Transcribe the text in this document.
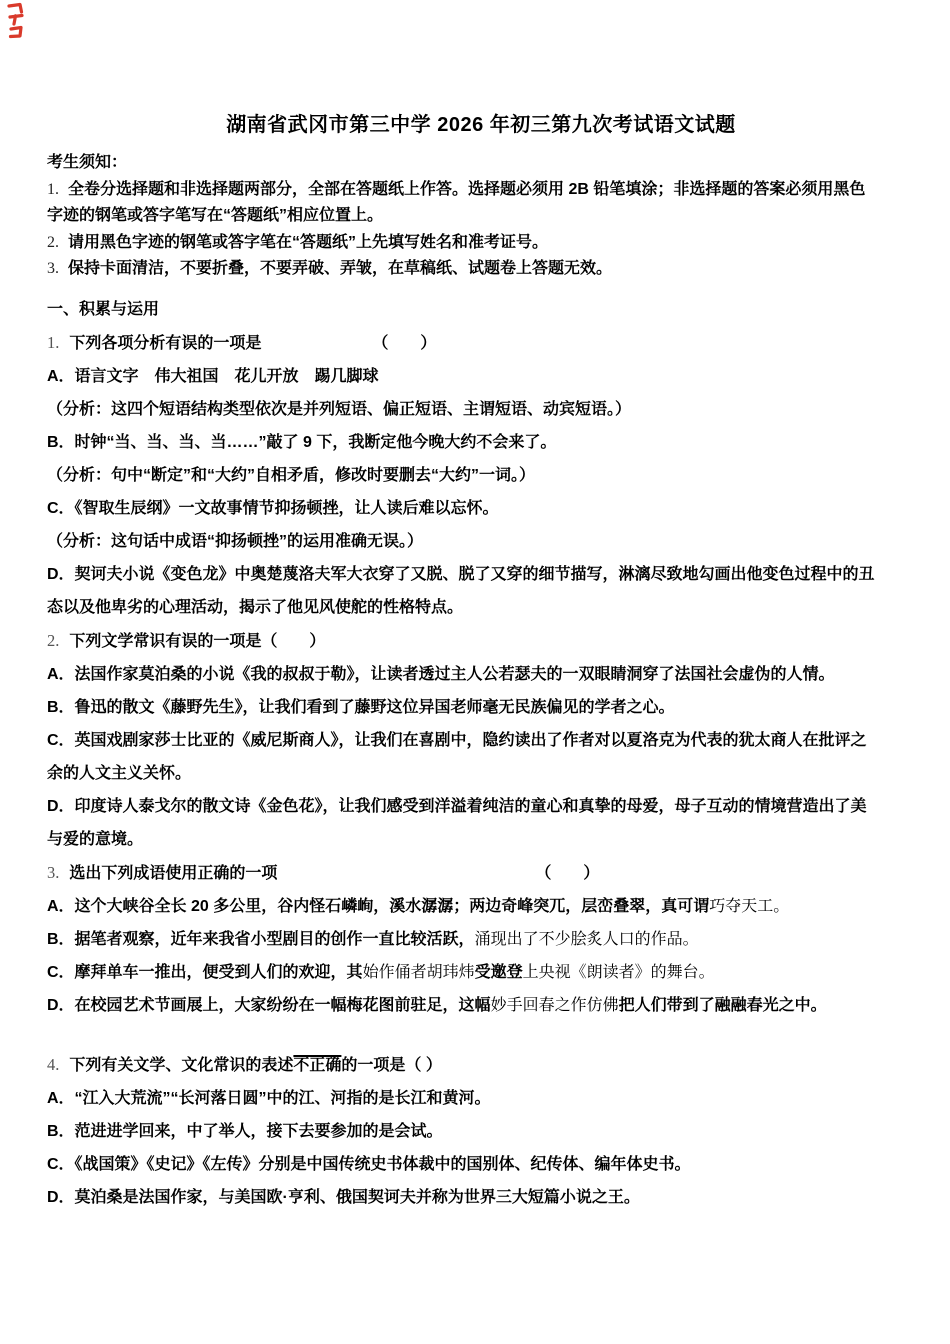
湖南省武冈市第三中学 2026 年初三第九次考试语文试题

考生须知：

1. 全卷分选择题和非选择题两部分，全部在答题纸上作答。选择题必须用 2B 铅笔填涂；非选择题的答案必须用黑色

字迹的钢笔或答字笔写在“答题纸”相应位置上。

2. 请用黑色字迹的钢笔或答字笔在“答题纸”上先填写姓名和准考证号。

3. 保持卡面清洁，不要折叠，不要弄破、弄皱，在草稿纸、试题卷上答题无效。

一、积累与运用

1. 下列各项分析有误的一项是	（　　）

A．语言文字　伟大祖国　花儿开放　踢几脚球

（分析：这四个短语结构类型依次是并列短语、偏正短语、主谓短语、动宾短语。）

B．时钟“当、当、当、当……”敲了 9 下，我断定他今晚大约不会来了。

（分析：句中“断定”和“大约”自相矛盾，修改时要删去“大约”一词。）

C．《智取生辰纲》一文故事情节抑扬顿挫，让人读后难以忘怀。

（分析：这句话中成语“抑扬顿挫”的运用准确无误。）

D．契诃夫小说《变色龙》中奥楚蔑洛夫军大衣穿了又脱、脱了又穿的细节描写，淋漓尽致地勾画出他变色过程中的丑

态以及他卑劣的心理活动，揭示了他见风使舵的性格特点。

2. 下列文学常识有误的一项是（　　）

A．法国作家莫泊桑的小说《我的叔叔于勒》，让读者透过主人公若瑟夫的一双眼睛洞穿了法国社会虚伪的人情。

B．鲁迅的散文《藤野先生》，让我们看到了藤野这位异国老师毫无民族偏见的学者之心。

C．英国戏剧家莎士比亚的《威尼斯商人》，让我们在喜剧中，隐约读出了作者对以夏洛克为代表的犹太商人在批评之

余的人文主义关怀。

D．印度诗人泰戈尔的散文诗《金色花》，让我们感受到洋溢着纯洁的童心和真挚的母爱，母子互动的情境营造出了美

与爱的意境。

3. 选出下列成语使用正确的一项	（　　）

A．这个大峡谷全长 20 多公里，谷内怪石嶙峋，溪水潺潺；两边奇峰突兀，层峦叠翠，真可谓巧夺天工。

B．据笔者观察，近年来我省小型剧目的创作一直比较活跃，涌现出了不少脍炙人口的作品。

C．摩拜单车一推出，便受到人们的欢迎，其始作俑者胡玮炜受邀登上央视《朗读者》的舞台。

D．在校园艺术节画展上，大家纷纷在一幅梅花图前驻足，这幅妙手回春之作仿佛把人们带到了融融春光之中。

4. 下列有关文学、文化常识的表述不正确的一项是（ ）

A．“江入大荒流”“长河落日圆”中的江、河指的是长江和黄河。

B．范进进学回来，中了举人，接下去要参加的是会试。

C．《战国策》《史记》《左传》分别是中国传统史书体裁中的国别体、纪传体、编年体史书。

D．莫泊桑是法国作家，与美国欧·亨利、俄国契诃夫并称为世界三大短篇小说之王。
